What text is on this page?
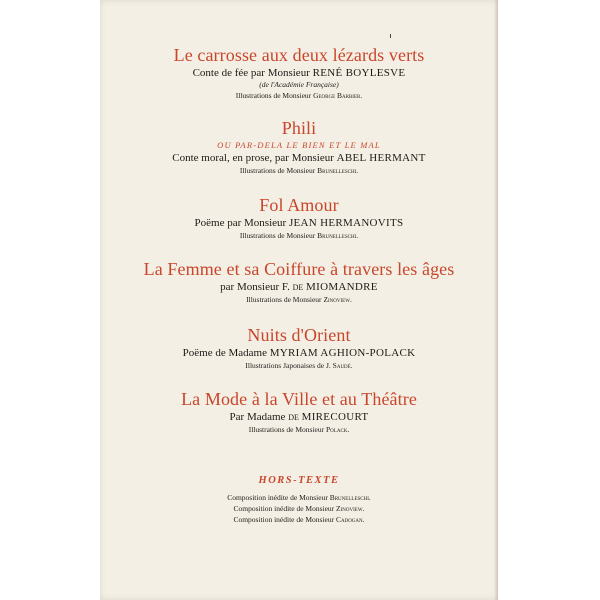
Le carrosse aux deux lézards verts

Conte de fée par Monsieur RENÉ BOYLESVE

(de l'Académie Française)

Illustrations de Monsieur George Barbier.

Phili

OU PAR-DELA LE BIEN ET LE MAL

Conte moral, en prose, par Monsieur ABEL HERMANT

Illustrations de Monsieur Brunelleschi.

Fol Amour

Poëme par Monsieur JEAN HERMANOVITS

Illustrations de Monsieur Brunelleschi.

La Femme et sa Coiffure à travers les âges

par Monsieur F. de MIOMANDRE

Illustrations de Monsieur Zinoview.

Nuits d'Orient

Poëme de Madame MYRIAM AGHION-POLACK

Illustrations Japonaises de J. Saudé.

La Mode à la Ville et au Théâtre

Par Madame de MIRECOURT

Illustrations de Monsieur Polack.

HORS-TEXTE

Composition inédite de Monsieur Brunelleschi.

Composition inédite de Monsieur Zinoview.

Composition inédite de Monsieur Cadogan.
